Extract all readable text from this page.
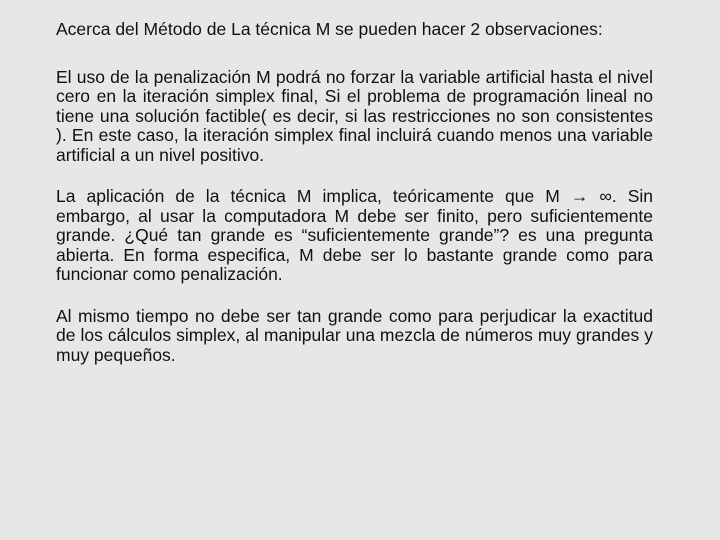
Acerca del Método de La técnica M se pueden hacer 2 observaciones:

El uso de la penalización M podrá no forzar la variable artificial hasta el nivel cero en la iteración simplex final, Si el problema de programación lineal no tiene una solución factible( es decir, si las restricciones no son consistentes ). En este caso, la iteración simplex final incluirá cuando menos una variable artificial a un nivel positivo.

La aplicación de la técnica M implica, teóricamente que M → ∞. Sin embargo, al usar la computadora M debe ser finito, pero suficientemente grande. ¿Qué tan grande es “suficientemente grande”? es una pregunta abierta. En forma especifica, M debe ser lo bastante grande como para funcionar como penalización.

Al mismo tiempo no debe ser tan grande como para perjudicar la exactitud de los cálculos simplex, al manipular una mezcla de números muy grandes y muy pequeños.
